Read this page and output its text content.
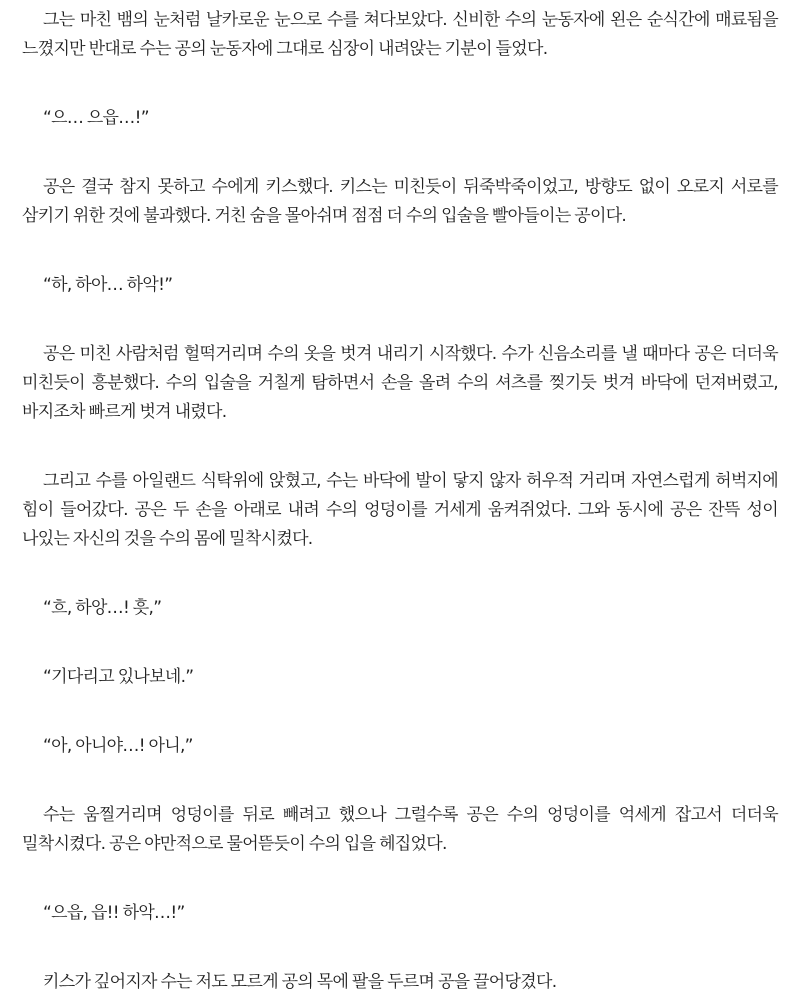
그는 마친 뱀의 눈처럼 날카로운 눈으로 수를 쳐다보았다. 신비한 수의 눈동자에 왼은 순식간에 매료됨을 느꼈지만 반대로 수는 공의 눈동자에 그대로 심장이 내려앉는 기분이 들었다.

“으… 으읍…!”

공은 결국 참지 못하고 수에게 키스했다. 키스는 미친듯이 뒤죽박죽이었고, 방향도 없이 오로지 서로를 삼키기 위한 것에 불과했다. 거친 숨을 몰아쉬며 점점 더 수의 입술을 빨아들이는 공이다.

“하, 하아… 하악!”

공은 미친 사람처럼 헐떡거리며 수의 옷을 벗겨 내리기 시작했다. 수가 신음소리를 낼 때마다 공은 더더욱 미친듯이 흥분했다. 수의 입술을 거칠게 탐하면서 손을 올려 수의 셔츠를 찢기듯 벗겨 바닥에 던져버렸고, 바지조차 빠르게 벗겨 내렸다.

그리고 수를 아일랜드 식탁위에 앉혔고, 수는 바닥에 발이 닿지 않자 허우적 거리며 자연스럽게 허벅지에 힘이 들어갔다. 공은 두 손을 아래로 내려 수의 엉덩이를 거세게 움켜쥐었다. 그와 동시에 공은 잔뜩 성이 나있는 자신의 것을 수의 몸에 밀착시켰다.

“흐, 하앙…! 흣,”

“기다리고 있나보네.”

“아, 아니야…! 아니,”

수는 움찔거리며 엉덩이를 뒤로 빼려고 했으나 그럴수록 공은 수의 엉덩이를 억세게 잡고서 더더욱 밀착시켰다. 공은 야만적으로 물어뜯듯이 수의 입을 헤집었다.

“으읍, 읍!! 하악…!”

키스가 깊어지자 수는 저도 모르게 공의 목에 팔을 두르며 공을 끌어당겼다.
